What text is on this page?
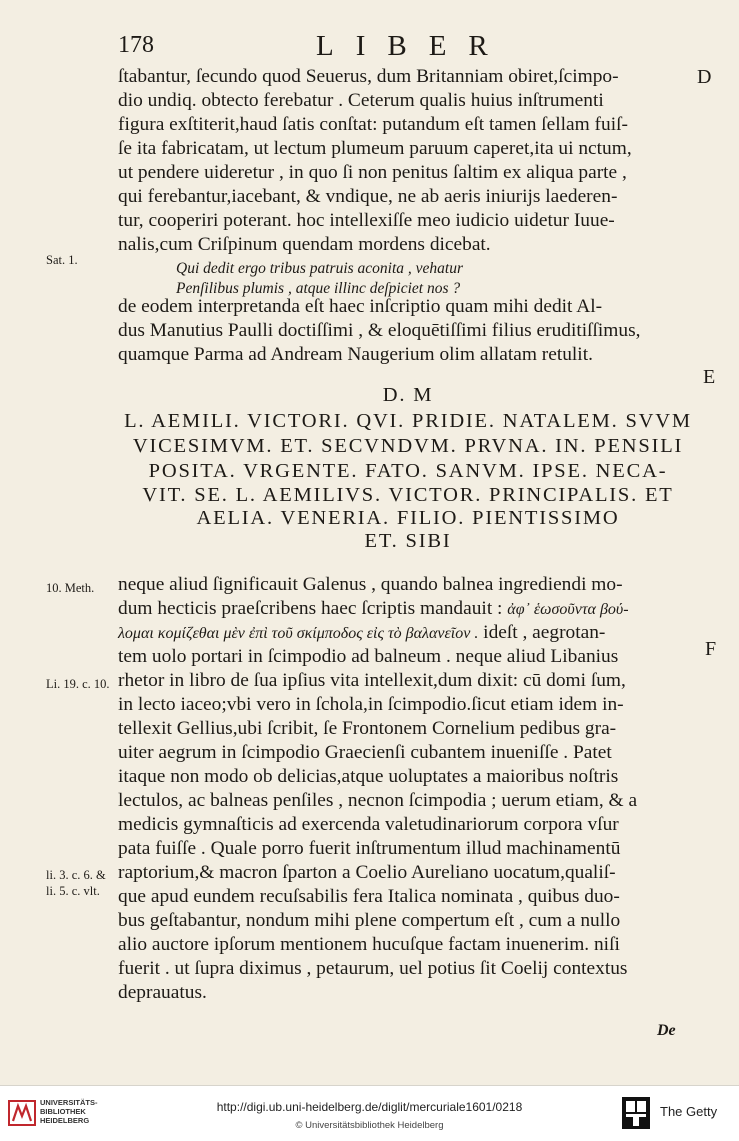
178	LIBER
ſtabantur, ſecundo quod Seuerus, dum Britanniam obiret,ſcimpo-
dio undiq. obtecto ferebatur . Ceterum qualis huius inſtrumenti
figura exſtiterit,haud ſatis conſtat: putandum eſt tamen ſellam fuiſ-
ſe ita fabricatam, ut lectum plumeum paruum caperet,ita ui nctum,
ut pendere uideretur , in quo ſi non penitus ſaltim ex aliqua parte ,
qui ferebantur,iacebant, & vndique, ne ab aeris iniurijs laederen-
tur, cooperiri poterant. hoc intellexiſſe meo iudicio uidetur Iuue-
nalis,cum Criſpinum quendam mordens dicebat.
Qui dedit ergo tribus patruis aconita , vehatur
Penſilibus plumis , atque illinc deſpiciet nos ?
de eodem interpretanda eſt haec inſcriptio quam mihi dedit Al-
dus Manutius Paulli doctiſſimi , & eloquētiſſimi filius eruditiſſimus,
quamque Parma ad Andream Naugerium olim allatam retulit.
D. M
L. AEMILI. VICTORI. QVI. PRIDIE. NATALEM. SVVM
VICESIMVM. ET. SECVNDVM. PRVNA. IN. PENSILI
POSITA. VRGENTE. FATO. SANVM. IPSE. NECA-
VIT. SE. L. AEMILIVS. VICTOR. PRINCIPALIS. ET
AELIA. VENERIA. FILIO. PIENTISSIMO
ET. SIBI
neque aliud ſignificauit Galenus , quando balnea ingrediendi mo-
dum hecticis praeſcribens haec ſcriptis mandauit : ἀφ᾽ ἑωσοῦντα βού-
λομαι κομίζεθαι μὲν ἐπὶ τοῦ σκίμποδος εἰς τὸ βαλανεῖον . ideſt , aegrotan-
tem uolo portari in ſcimpodio ad balneum . neque aliud Libanius
rhetor in libro de ſua ipſius vita intellexit,dum dixit: cū domi ſum,
in lecto iaceo;vbi vero in ſchola,in ſcimpodio.ſicut etiam idem in-
tellexit Gellius,ubi ſcribit, ſe Frontonem Cornelium pedibus gra-
uiter aegrum in ſcimpodio Graecienſi cubantem inueniſſe . Patet
itaque non modo ob delicias,atque uoluptates a maioribus noſtris
lectulos, ac balneas penſiles , necnon ſcimpodia ; uerum etiam, & a
medicis gymnaſticis ad exercenda valetudinariorum corpora vſur
pata fuiſſe . Quale porro fuerit inſtrumentum illud machinamentū
raptorium,& macron ſparton a Coelio Aureliano uocatum,qualiſ-
que apud eundem recuſsabilis fera Italica nominata , quibus duo-
bus geſtabantur, nondum mihi plene compertum eſt , cum a nullo
alio auctore ipſorum mentionem hucuſque factam inuenerim. niſi
fuerit . ut ſupra diximus , petaurum, uel potius ſit Coelij contextus
deprauatus.
De
Sat. 1.
10. Meth.
Li. 19. c. 10.
li. 3. c. 6. &
li. 5. c. vlt.
D
E
F
UNIVERSITÄTS-
BIBLIOTHEK
HEIDELBERG
http://digi.ub.uni-heidelberg.de/diglit/mercuriale1601/0218
© Universitätsbibliothek Heidelberg
The Getty
